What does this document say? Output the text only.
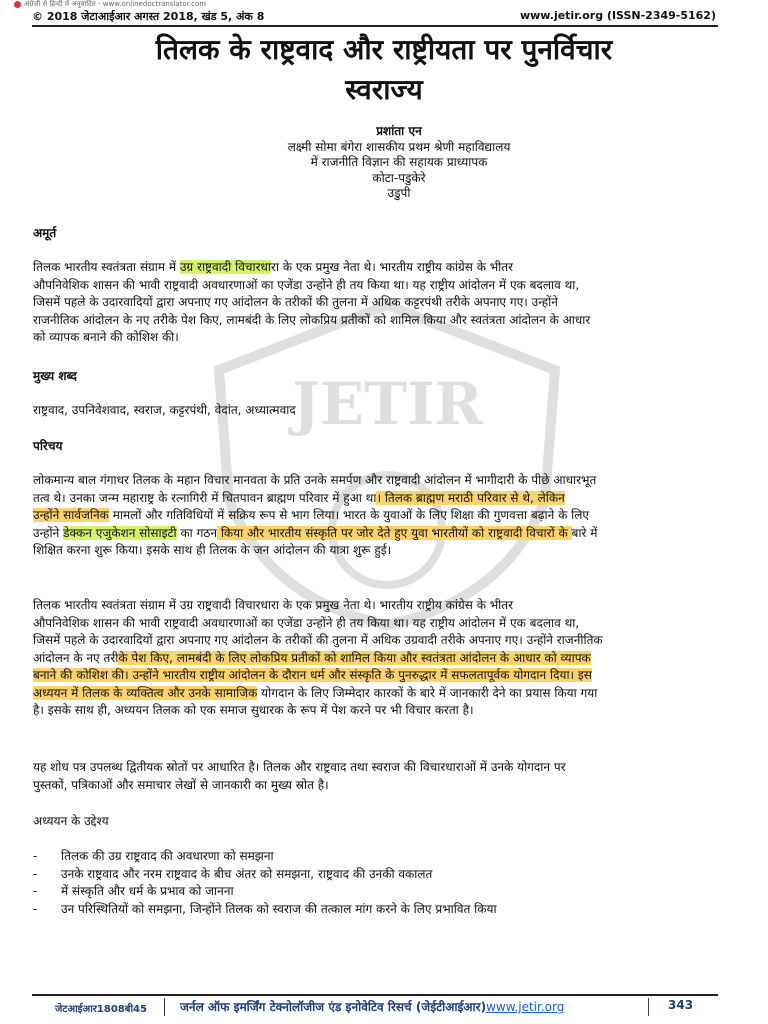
अंग्रेज़ी से हिन्दी में अनुवादित - www.onlinedoctranslator.com
© 2018 जेटाआईआर अगस्त 2018, खंड 5, अंक 8	www.jetir.org (ISSN-2349-5162)
JETIR
तिलक के राष्ट्रवाद और राष्ट्रीयता पर पुनर्विचार
स्वराज्य
प्रशांता एन
लक्ष्मी सोमा बंगेरा शासकीय प्रथम श्रेणी महाविद्यालय
में राजनीति विज्ञान की सहायक प्राध्यापक
कोटा-पडुकेरे
उडुपी
अमूर्त
तिलक भारतीय स्वतंत्रता संग्राम में उग्र राष्ट्रवादी विचारधारा के एक प्रमुख नेता थे। भारतीय राष्ट्रीय कांग्रेस के भीतर
औपनिवेशिक शासन की भावी राष्ट्रवादी अवधारणाओं का एजेंडा उन्होंने ही तय किया था। यह राष्ट्रीय आंदोलन में एक बदलाव था,
जिसमें पहले के उदारवादियों द्वारा अपनाए गए आंदोलन के तरीकों की तुलना में अधिक कट्टरपंथी तरीके अपनाए गए। उन्होंने
राजनीतिक आंदोलन के नए तरीके पेश किए, लामबंदी के लिए लोकप्रिय प्रतीकों को शामिल किया और स्वतंत्रता आंदोलन के आधार
को व्यापक बनाने की कोशिश की।
मुख्य शब्द
राष्ट्रवाद, उपनिवेशवाद, स्वराज, कट्टरपंथी, वेदांत, अध्यात्मवाद
परिचय
लोकमान्य बाल गंगाधर तिलक के महान विचार मानवता के प्रति उनके समर्पण और राष्ट्रवादी आंदोलन में भागीदारी के पीछे आधारभूत
तत्व थे। उनका जन्म महाराष्ट्र के रत्नागिरी में चितपावन ब्राह्मण परिवार में हुआ था। तिलक ब्राह्मण मराठी परिवार से थे, लेकिन
उन्होंने सार्वजनिक मामलों और गतिविधियों में सक्रिय रूप से भाग लिया। भारत के युवाओं के लिए शिक्षा की गुणवत्ता बढ़ाने के लिए
उन्होंने डेक्कन एजुकेशन सोसाइटी का गठन किया और भारतीय संस्कृति पर जोर देते हुए युवा भारतीयों को राष्ट्रवादी विचारों के बारे में
शिक्षित करना शुरू किया। इसके साथ ही तिलक के जन आंदोलन की यात्रा शुरू हुई।
तिलक भारतीय स्वतंत्रता संग्राम में उग्र राष्ट्रवादी विचारधारा के एक प्रमुख नेता थे। भारतीय राष्ट्रीय कांग्रेस के भीतर
औपनिवेशिक शासन की भावी राष्ट्रवादी अवधारणाओं का एजेंडा उन्होंने ही तय किया था। यह राष्ट्रीय आंदोलन में एक बदलाव था,
जिसमें पहले के उदारवादियों द्वारा अपनाए गए आंदोलन के तरीकों की तुलना में अधिक उग्रवादी तरीके अपनाए गए। उन्होंने राजनीतिक
आंदोलन के नए तरीके पेश किए, लामबंदी के लिए लोकप्रिय प्रतीकों को शामिल किया और स्वतंत्रता आंदोलन के आधार को व्यापक
बनाने की कोशिश की। उन्होंने भारतीय राष्ट्रीय आंदोलन के दौरान धर्म और संस्कृति के पुनरुद्धार में सफलतापूर्वक योगदान दिया। इस
अध्ययन में तिलक के व्यक्तित्व और उनके सामाजिक योगदान के लिए जिम्मेदार कारकों के बारे में जानकारी देने का प्रयास किया गया
है। इसके साथ ही, अध्ययन तिलक को एक समाज सुधारक के रूप में पेश करने पर भी विचार करता है।
यह शोध पत्र उपलब्ध द्वितीयक स्रोतों पर आधारित है। तिलक और राष्ट्रवाद तथा स्वराज की विचारधाराओं में उनके योगदान पर
पुस्तकों, पत्रिकाओं और समाचार लेखों से जानकारी का मुख्य स्रोत है।
अध्ययन के उद्देश्य
-	तिलक की उग्र राष्ट्रवाद की अवधारणा को समझना
-	उनके राष्ट्रवाद और नरम राष्ट्रवाद के बीच अंतर को समझना, राष्ट्रवाद की उनकी वकालत
-	में संस्कृति और धर्म के प्रभाव को जानना
-	उन परिस्थितियों को समझना, जिन्होंने तिलक को स्वराज की तत्काल मांग करने के लिए प्रभावित किया
जेटआईआर1808बी45	जर्नल ऑफ इमर्जिंग टेक्नोलॉजीज एंड इनोवेटिव रिसर्च (जेईटीआईआर)www.jetir.org	343
